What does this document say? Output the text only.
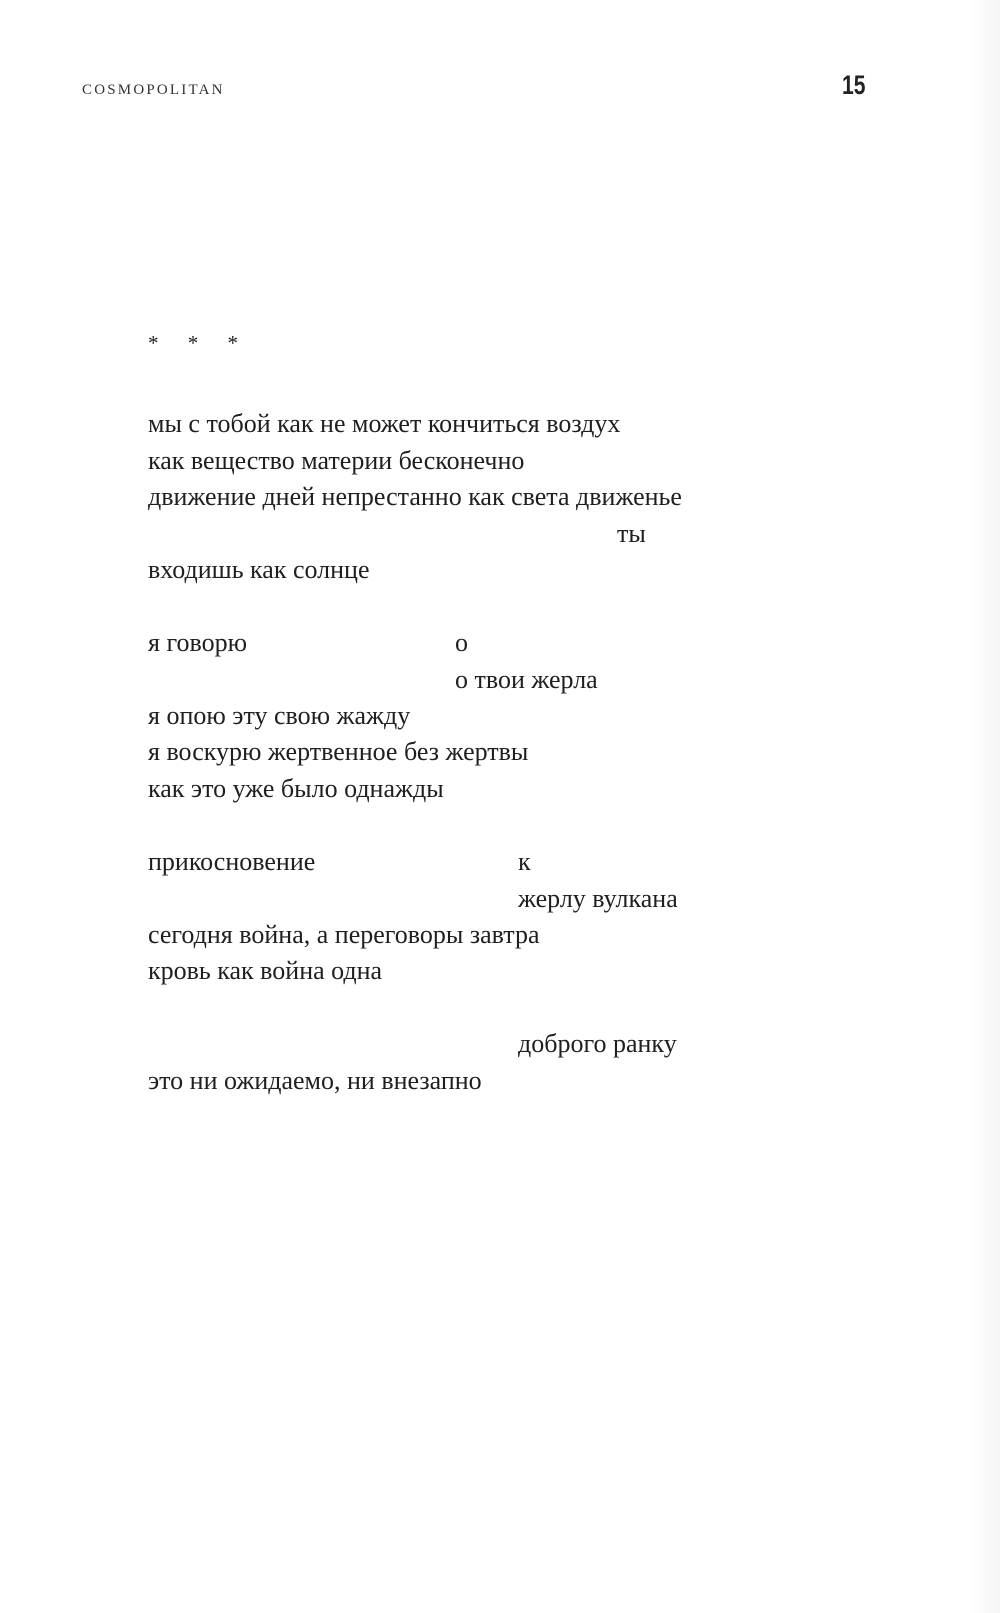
COSMOPOLITAN	15
* * *
мы с тобой как не может кончиться воздух
как вещество материи бесконечно
движение дней непрестанно как света движенье
ты
входишь как солнце
я говорю	о
о твои жерла
я опою эту свою жажду
я воскурю жертвенное без жертвы
как это уже было однажды
прикосновение	к
жерлу вулкана
сегодня война, а переговоры завтра
кровь как война одна
доброго ранку
это ни ожидаемо, ни внезапно
